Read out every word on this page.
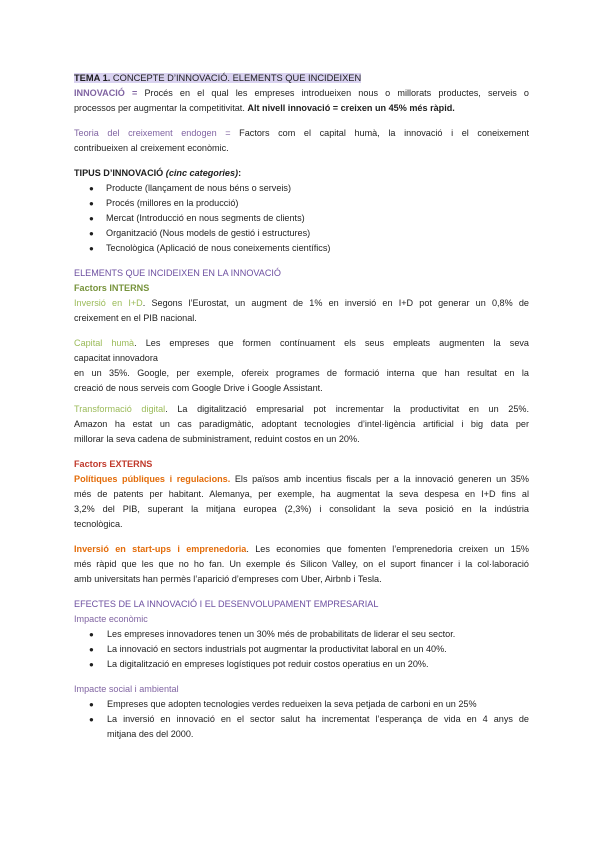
TEMA 1. CONCEPTE D’INNOVACIÓ. ELEMENTS QUE INCIDEIXEN
INNOVACIÓ = Procés en el qual les empreses introdueixen nous o millorats productes, serveis o
processos per augmentar la competitivitat. Alt nivell innovació = creixen un 45% més ràpid.
Teoria del creixement endogen = Factors com el capital humà, la innovació i el coneixement
contribueixen al creixement econòmic.
TIPUS D’INNOVACIÓ (cinc categories):
● Producte (llançament de nous béns o serveis)
● Procés (millores en la producció)
● Mercat (Introducció en nous segments de clients)
● Organització (Nous models de gestió i estructures)
● Tecnològica (Aplicació de nous coneixements científics)
ELEMENTS QUE INCIDEIXEN EN LA INNOVACIÓ
Factors INTERNS
Inversió en I+D. Segons l’Eurostat, un augment de 1% en inversió en I+D pot generar un 0,8% de
creixement en el PIB nacional.
Capital humà. Les empreses que formen contínuament els seus empleats augmenten la seva
capacitat innovadora
en un 35%. Google, per exemple, ofereix programes de formació interna que han resultat en la
creació de nous serveis com Google Drive i Google Assistant.
Transformació digital. La digitalització empresarial pot incrementar la productivitat en un 25%.
Amazon ha estat un cas paradigmàtic, adoptant tecnologies d’intel·ligència artificial i big data per
millorar la seva cadena de subministrament, reduint costos en un 20%.
Factors EXTERNS
Polítiques públiques i regulacions. Els països amb incentius fiscals per a la innovació generen un 35%
més de patents per habitant. Alemanya, per exemple, ha augmentat la seva despesa en I+D fins al
3,2% del PIB, superant la mitjana europea (2,3%) i consolidant la seva posició en la indústria
tecnològica.
Inversió en start-ups i emprenedoria. Les economies que fomenten l’emprenedoria creixen un 15%
més ràpid que les que no ho fan. Un exemple és Silicon Valley, on el suport financer i la col·laboració
amb universitats han permès l’aparició d’empreses com Uber, Airbnb i Tesla.
EFECTES DE LA INNOVACIÓ I EL DESENVOLUPAMENT EMPRESARIAL
Impacte econòmic
● Les empreses innovadores tenen un 30% més de probabilitats de liderar el seu sector.
● La innovació en sectors industrials pot augmentar la productivitat laboral en un 40%.
● La digitalització en empreses logístiques pot reduir costos operatius en un 20%.
Impacte social i ambiental
● Empreses que adopten tecnologies verdes redueixen la seva petjada de carboni en un 25%
● La inversió en innovació en el sector salut ha incrementat l’esperança de vida en 4 anys de
mitjana des del 2000.
